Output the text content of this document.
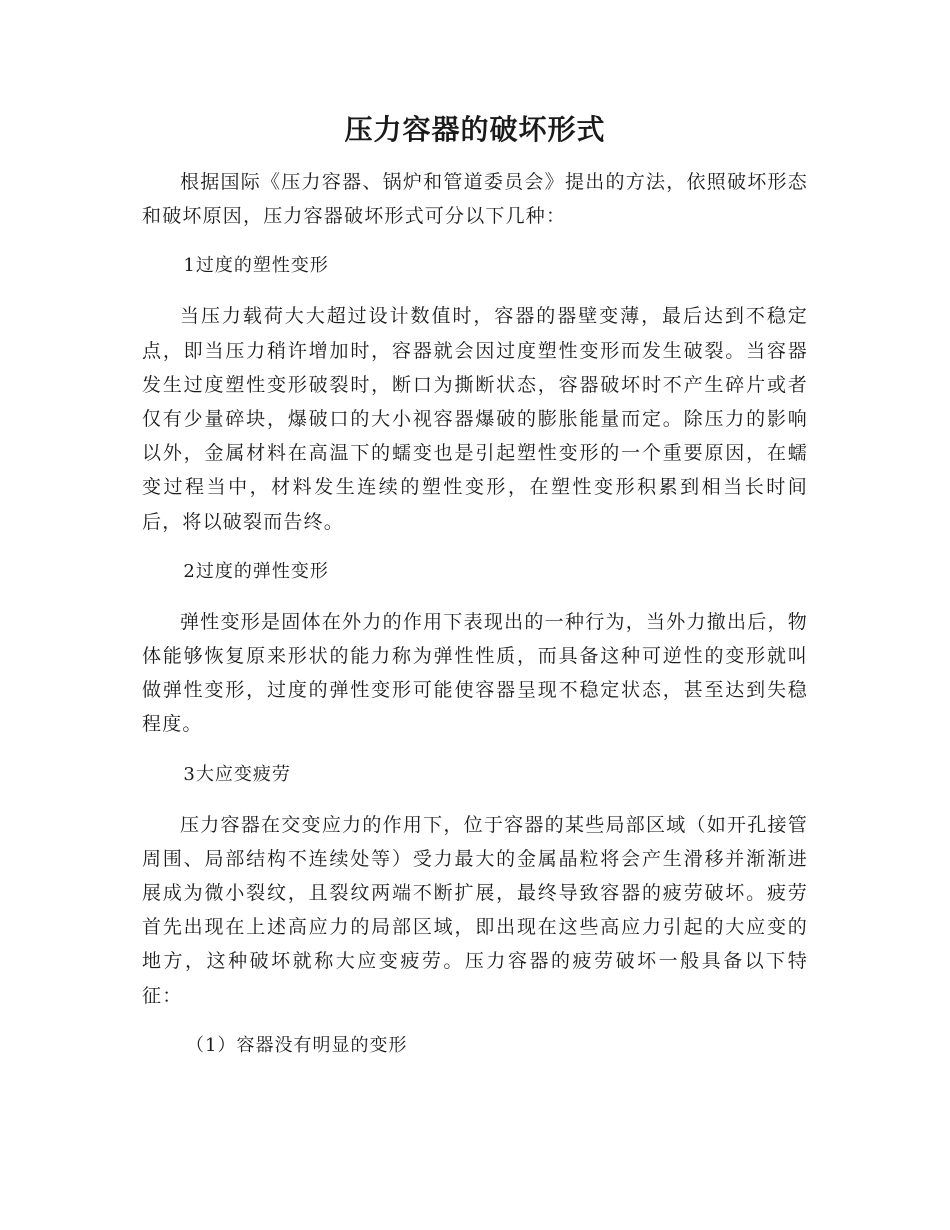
压力容器的破坏形式

根据国际《压力容器、锅炉和管道委员会》提出的方法，依照破坏形态和破坏原因，压力容器破坏形式可分以下几种：

1过度的塑性变形

当压力载荷大大超过设计数值时，容器的器壁变薄，最后达到不稳定点，即当压力稍许增加时，容器就会因过度塑性变形而发生破裂。当容器发生过度塑性变形破裂时，断口为撕断状态，容器破坏时不产生碎片或者仅有少量碎块，爆破口的大小视容器爆破的膨胀能量而定。除压力的影响以外，金属材料在高温下的蠕变也是引起塑性变形的一个重要原因，在蠕变过程当中，材料发生连续的塑性变形，在塑性变形积累到相当长时间后，将以破裂而告终。

2过度的弹性变形

弹性变形是固体在外力的作用下表现出的一种行为，当外力撤出后，物体能够恢复原来形状的能力称为弹性性质，而具备这种可逆性的变形就叫做弹性变形，过度的弹性变形可能使容器呈现不稳定状态，甚至达到失稳程度。

3大应变疲劳

压力容器在交变应力的作用下，位于容器的某些局部区域（如开孔接管周围、局部结构不连续处等）受力最大的金属晶粒将会产生滑移并渐渐进展成为微小裂纹，且裂纹两端不断扩展，最终导致容器的疲劳破坏。疲劳首先出现在上述高应力的局部区域，即出现在这些高应力引起的大应变的地方，这种破坏就称大应变疲劳。压力容器的疲劳破坏一般具备以下特征：

（1）容器没有明显的变形
